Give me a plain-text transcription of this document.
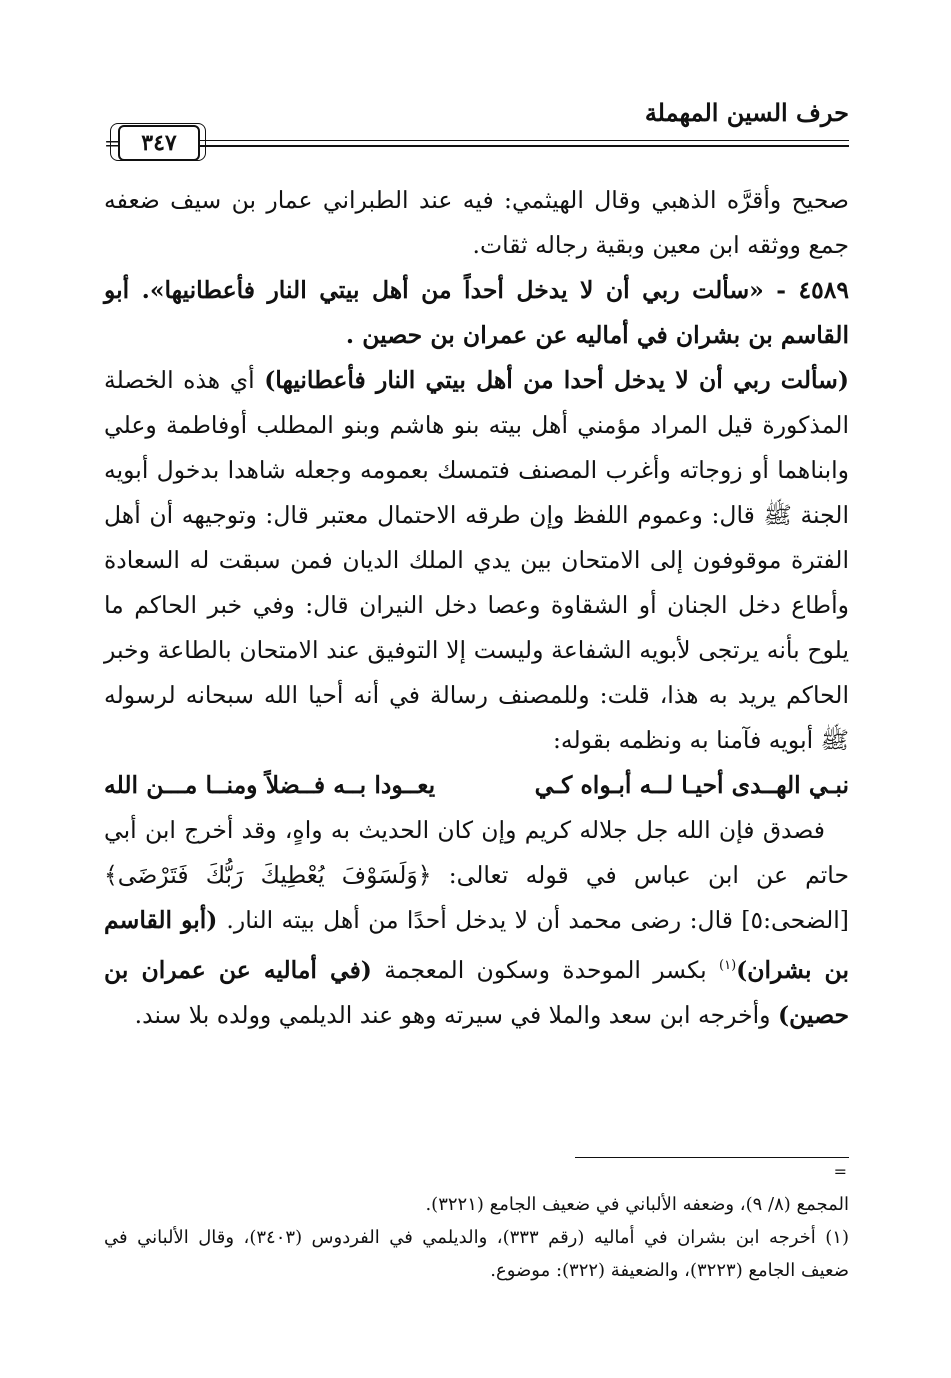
حرف السين المهملة
= ٣٤٧

صحيح وأقرَّه الذهبي وقال الهيثمي: فيه عند الطبراني عمار بن سيف ضعفه جمع ووثقه ابن معين وبقية رجاله ثقات.

٤٥٨٩ - «سألت ربي أن لا يدخل أحداً من أهل بيتي النار فأعطانيها». أبو القاسم بن بشران في أماليه عن عمران بن حصين .

(سألت ربي أن لا يدخل أحدا من أهل بيتي النار فأعطانيها) أي هذه الخصلة المذكورة قيل المراد مؤمني أهل بيته بنو هاشم وبنو المطلب أوفاطمة وعلي وابناهما أو زوجاته وأغرب المصنف فتمسك بعمومه وجعله شاهدا بدخول أبويه الجنة ﷺ قال: وعموم اللفظ وإن طرقه الاحتمال معتبر قال: وتوجيهه أن أهل الفترة موقوفون إلى الامتحان بين يدي الملك الديان فمن سبقت له السعادة وأطاع دخل الجنان أو الشقاوة وعصا دخل النيران قال: وفي خبر الحاكم ما يلوح بأنه يرتجى لأبويه الشفاعة وليست إلا التوفيق عند الامتحان بالطاعة وخبر الحاكم يريد به هذا، قلت: وللمصنف رسالة في أنه أحيا الله سبحانه لرسوله ﷺ أبويه فآمنا به ونظمه بقوله:

نبـي الهــدى أحيـا لــه أبـواه كـي
يعــودا بــه فــضلاً ومنــا مـــن الله

فصدق فإن الله جل جلاله كريم وإن كان الحديث به واهٍ، وقد أخرج ابن أبي حاتم عن ابن عباس في قوله تعالى: ﴿وَلَسَوْفَ يُعْطِيكَ رَبُّكَ فَتَرْضَى﴾ [الضحى:٥] قال: رضى محمد أن لا يدخل أحدًا من أهل بيته النار. (أبو القاسم بن بشران)$^{(١)}$ بكسر الموحدة وسكون المعجمة (في أماليه عن عمران بن حصين) وأخرجه ابن سعد والملا في سيرته وهو عند الديلمي وولده بلا سند.

=

المجمع (٨/ ٩)، وضعفه الألباني في ضعيف الجامع (٣٢٢١).

(١) أخرجه ابن بشران في أماليه (رقم ٣٣٣)، والديلمي في الفردوس (٣٤٠٣)، وقال الألباني في ضعيف الجامع (٣٢٢٣)، والضعيفة (٣٢٢): موضوع.
